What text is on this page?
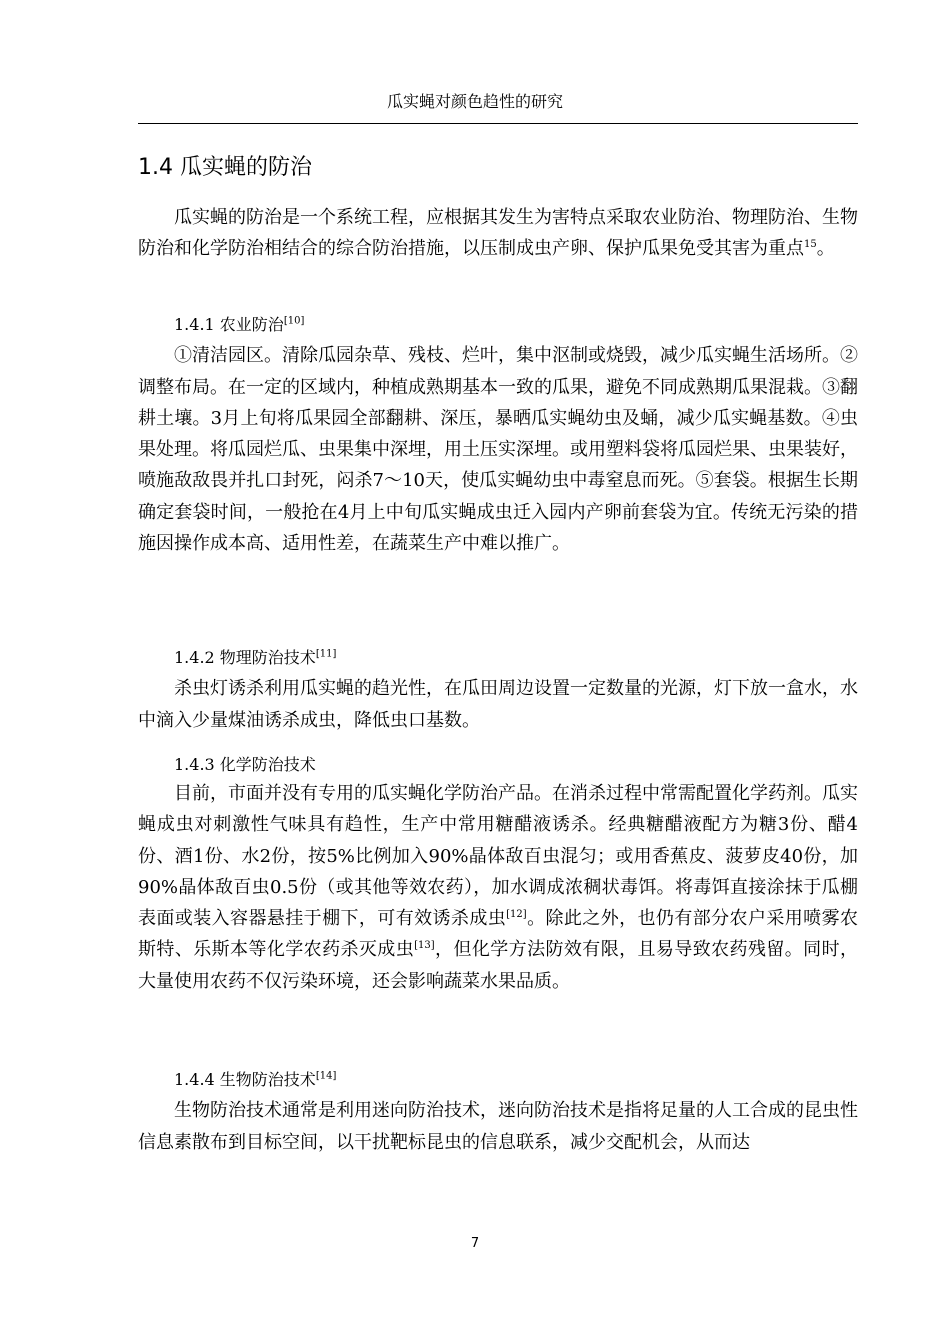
瓜实蝇对颜色趋性的研究
1.4 瓜实蝇的防治

瓜实蝇的防治是一个系统工程，应根据其发生为害特点采取农业防治、物理防治、生物防治和化学防治相结合的综合防治措施，以压制成虫产卵、保护瓜果免受其害为重点$^{15}$。

1.4.1 农业防治[10]

①清洁园区。清除瓜园杂草、残枝、烂叶，集中沤制或烧毁，减少瓜实蝇生活场所。②调整布局。在一定的区域内，种植成熟期基本一致的瓜果，避免不同成熟期瓜果混栽。③翻耕土壤。3月上旬将瓜果园全部翻耕、深压，暴晒瓜实蝇幼虫及蛹，减少瓜实蝇基数。④虫果处理。将瓜园烂瓜、虫果集中深埋，用土压实深埋。或用塑料袋将瓜园烂果、虫果装好，喷施敌敌畏并扎口封死，闷杀7～10天，使瓜实蝇幼虫中毒窒息而死。⑤套袋。根据生长期确定套袋时间，一般抢在4月上中旬瓜实蝇成虫迁入园内产卵前套袋为宜。传统无污染的措施因操作成本高、适用性差，在蔬菜生产中难以推广。

1.4.2 物理防治技术[11]

杀虫灯诱杀利用瓜实蝇的趋光性，在瓜田周边设置一定数量的光源，灯下放一盒水，水中滴入少量煤油诱杀成虫，降低虫口基数。

1.4.3 化学防治技术

目前，市面并没有专用的瓜实蝇化学防治产品。在消杀过程中常需配置化学药剂。瓜实蝇成虫对刺激性气味具有趋性，生产中常用糖醋液诱杀。经典糖醋液配方为糖3份、醋4份、酒1份、水2份，按5%比例加入90%晶体敌百虫混匀；或用香蕉皮、菠萝皮40份，加90%晶体敌百虫0.5份（或其他等效农药），加水调成浓稠状毒饵。将毒饵直接涂抹于瓜棚表面或装入容器悬挂于棚下，可有效诱杀成虫[12]。除此之外，也仍有部分农户采用喷雾农斯特、乐斯本等化学农药杀灭成虫[13]，但化学方法防效有限，且易导致农药残留。同时，大量使用农药不仅污染环境，还会影响蔬菜水果品质。

1.4.4 生物防治技术[14]

生物防治技术通常是利用迷向防治技术，迷向防治技术是指将足量的人工合成的昆虫性信息素散布到目标空间，以干扰靶标昆虫的信息联系，减少交配机会，从而达

7
